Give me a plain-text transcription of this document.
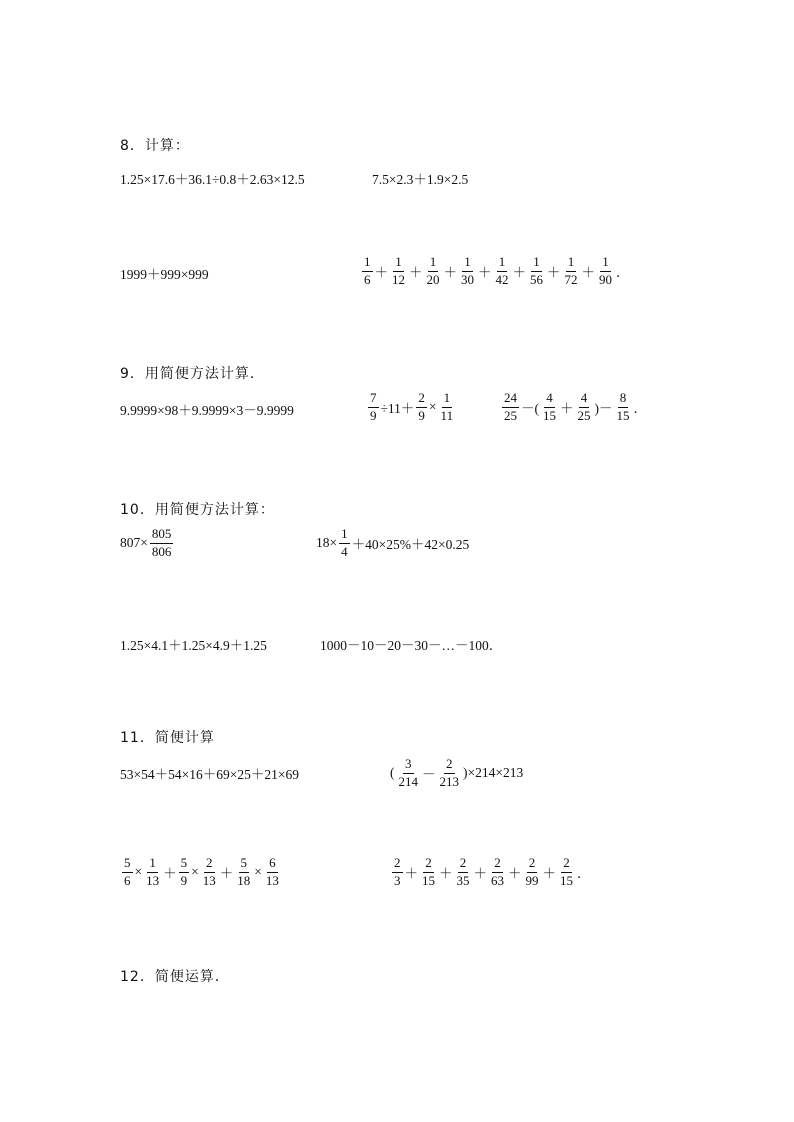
8．计算：
1.25×17.6＋36.1÷0.8＋2.63×12.5	7.5×2.3＋1.9×2.5
1999＋999×999	$\frac{1}{6} + \frac{1}{12} + \frac{1}{20} + \frac{1}{30} + \frac{1}{42} + \frac{1}{56} + \frac{1}{72} + \frac{1}{90}$ ．
9．用简便方法计算．
9.9999×98＋9.9999×3－9.9999	$\frac{7}{9} \div 11+ \frac{2}{9} \times \frac{1}{11}$	$\frac{24}{25}$ －( $\frac{4}{15} + \frac{4}{25}$ )－ $\frac{8}{15}$ ．
10．用简便方法计算：
$807\times \frac{805}{806}$	$18\times \frac{1}{4} +40\times 25\%+42\times 0.25$
1.25×4.1＋1.25×4.9＋1.25	1000－10－20－30－…－100．
11．简便计算
53×54＋54×16＋69×25＋21×69	( $\frac{3}{214} - \frac{2}{213} )\times 214\times 213$
$\frac{5}{6} \times \frac{1}{13} + \frac{5}{9} \times \frac{2}{13} + \frac{5}{18} \times \frac{6}{13}$	$\frac{2}{3} + \frac{2}{15} + \frac{2}{35} + \frac{2}{63} + \frac{2}{99} + \frac{2}{15}$ ．
12．简便运算．
